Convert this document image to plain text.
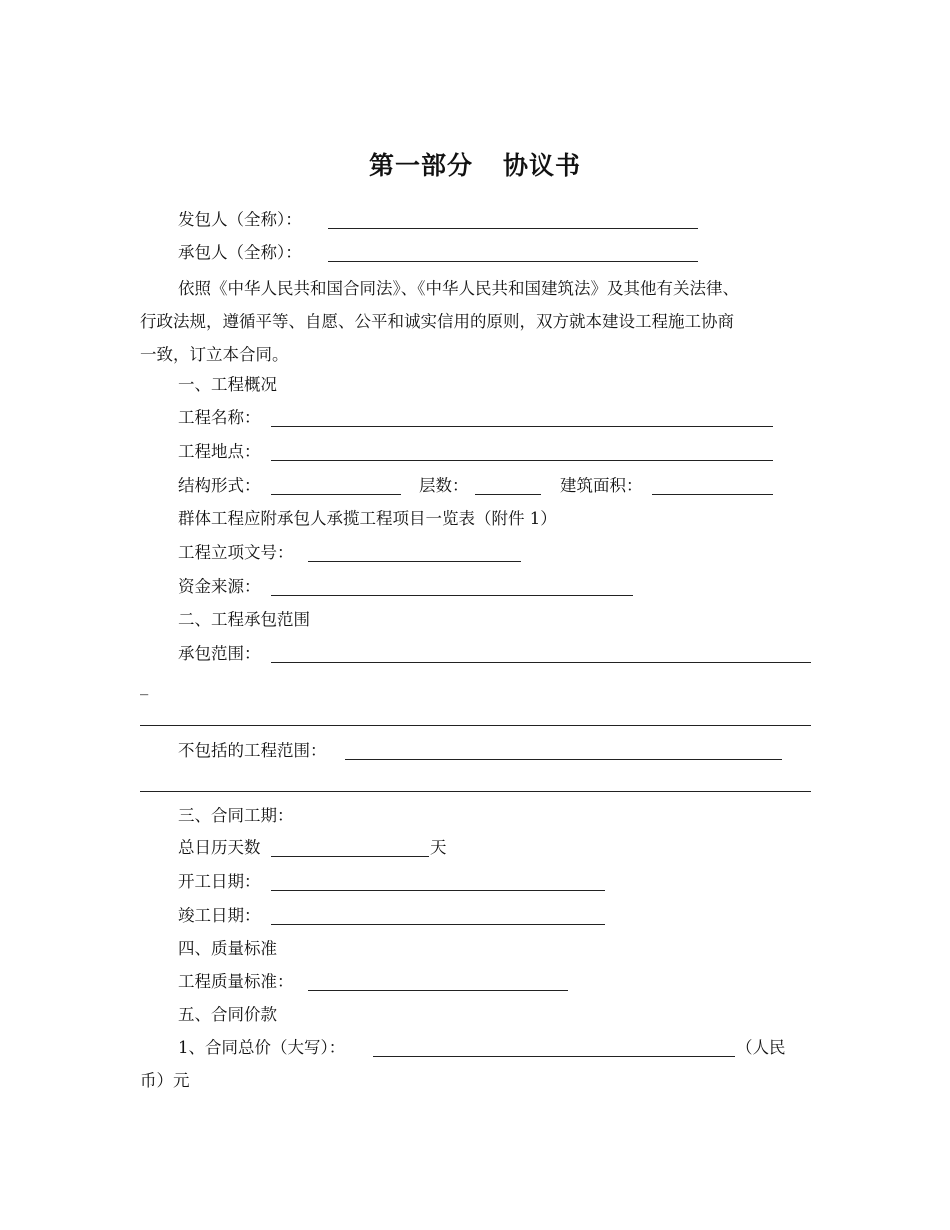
第一部分 协议书
发包人（全称）：
承包人（全称）：
依照《中华人民共和国合同法》、《中华人民共和国建筑法》及其他有关法律、
行政法规，遵循平等、自愿、公平和诚实信用的原则，双方就本建设工程施工协商
一致，订立本合同。
一、工程概况
工程名称：
工程地点：
结构形式：	层数：	建筑面积：
群体工程应附承包人承揽工程项目一览表（附件 1）
工程立项文号：
资金来源：
二、工程承包范围
承包范围：
_
不包括的工程范围：
三、合同工期：
总日历天数	天
开工日期：
竣工日期：
四、质量标准
工程质量标准：
五、合同价款
1、合同总价（大写）：	（人民
币）元
